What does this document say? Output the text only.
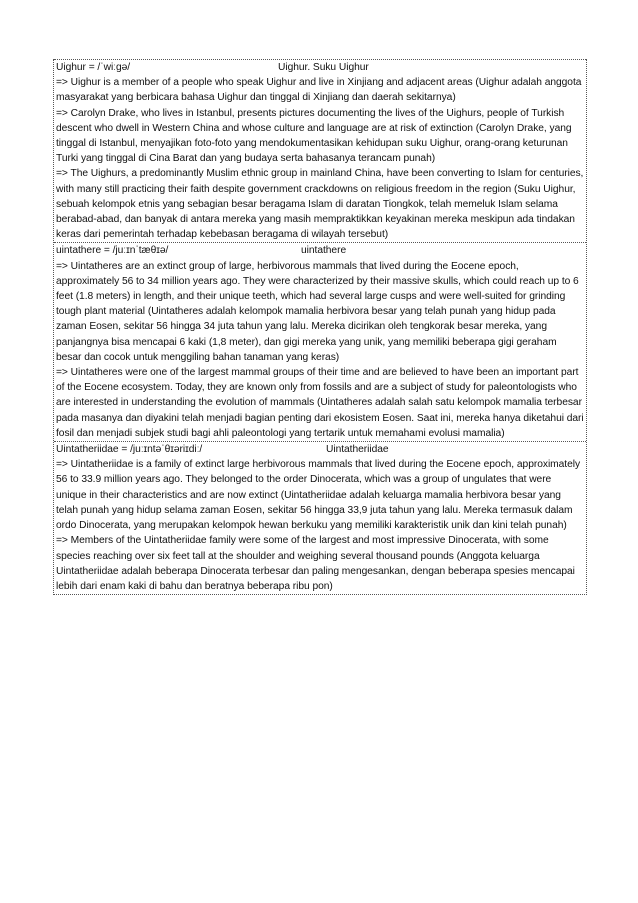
Uighur = /ˈwiːɡə/	Uighur. Suku Uighur

=> Uighur is a member of a people who speak Uighur and live in Xinjiang and adjacent areas (Uighur adalah anggota masyarakat yang berbicara bahasa Uighur dan tinggal di Xinjiang dan daerah sekitarnya)

=> Carolyn Drake, who lives in Istanbul, presents pictures documenting the lives of the Uighurs, people of Turkish descent who dwell in Western China and whose culture and language are at risk of extinction (Carolyn Drake, yang tinggal di Istanbul, menyajikan foto-foto yang mendokumentasikan kehidupan suku Uighur, orang-orang keturunan Turki yang tinggal di Cina Barat dan yang budaya serta bahasanya terancam punah)

=> The Uighurs, a predominantly Muslim ethnic group in mainland China, have been converting to Islam for centuries, with many still practicing their faith despite government crackdowns on religious freedom in the region (Suku Uighur, sebuah kelompok etnis yang sebagian besar beragama Islam di daratan Tiongkok, telah memeluk Islam selama berabad-abad, dan banyak di antara mereka yang masih mempraktikkan keyakinan mereka meskipun ada tindakan keras dari pemerintah terhadap kebebasan beragama di wilayah tersebut)

uintathere = /juːɪnˈtæθɪə/	uintathere

=> Uintatheres are an extinct group of large, herbivorous mammals that lived during the Eocene epoch, approximately 56 to 34 million years ago. They were characterized by their massive skulls, which could reach up to 6 feet (1.8 meters) in length, and their unique teeth, which had several large cusps and were well-suited for grinding tough plant material (Uintatheres adalah kelompok mamalia herbivora besar yang telah punah yang hidup pada zaman Eosen, sekitar 56 hingga 34 juta tahun yang lalu. Mereka dicirikan oleh tengkorak besar mereka, yang panjangnya bisa mencapai 6 kaki (1,8 meter), dan gigi mereka yang unik, yang memiliki beberapa gigi geraham besar dan cocok untuk menggiling bahan tanaman yang keras)

=> Uintatheres were one of the largest mammal groups of their time and are believed to have been an important part of the Eocene ecosystem. Today, they are known only from fossils and are a subject of study for paleontologists who are interested in understanding the evolution of mammals (Uintatheres adalah salah satu kelompok mamalia terbesar pada masanya dan diyakini telah menjadi bagian penting dari ekosistem Eosen. Saat ini, mereka hanya diketahui dari fosil dan menjadi subjek studi bagi ahli paleontologi yang tertarik untuk memahami evolusi mamalia)

Uintatheriidae = /juːɪntəˈθɪəriɪdiː/	Uintatheriidae

=> Uintatheriidae is a family of extinct large herbivorous mammals that lived during the Eocene epoch, approximately 56 to 33.9 million years ago. They belonged to the order Dinocerata, which was a group of ungulates that were unique in their characteristics and are now extinct (Uintatheriidae adalah keluarga mamalia herbivora besar yang telah punah yang hidup selama zaman Eosen, sekitar 56 hingga 33,9 juta tahun yang lalu. Mereka termasuk dalam ordo Dinocerata, yang merupakan kelompok hewan berkuku yang memiliki karakteristik unik dan kini telah punah)

=> Members of the Uintatheriidae family were some of the largest and most impressive Dinocerata, with some species reaching over six feet tall at the shoulder and weighing several thousand pounds (Anggota keluarga Uintatheriidae adalah beberapa Dinocerata terbesar dan paling mengesankan, dengan beberapa spesies mencapai lebih dari enam kaki di bahu dan beratnya beberapa ribu pon)
